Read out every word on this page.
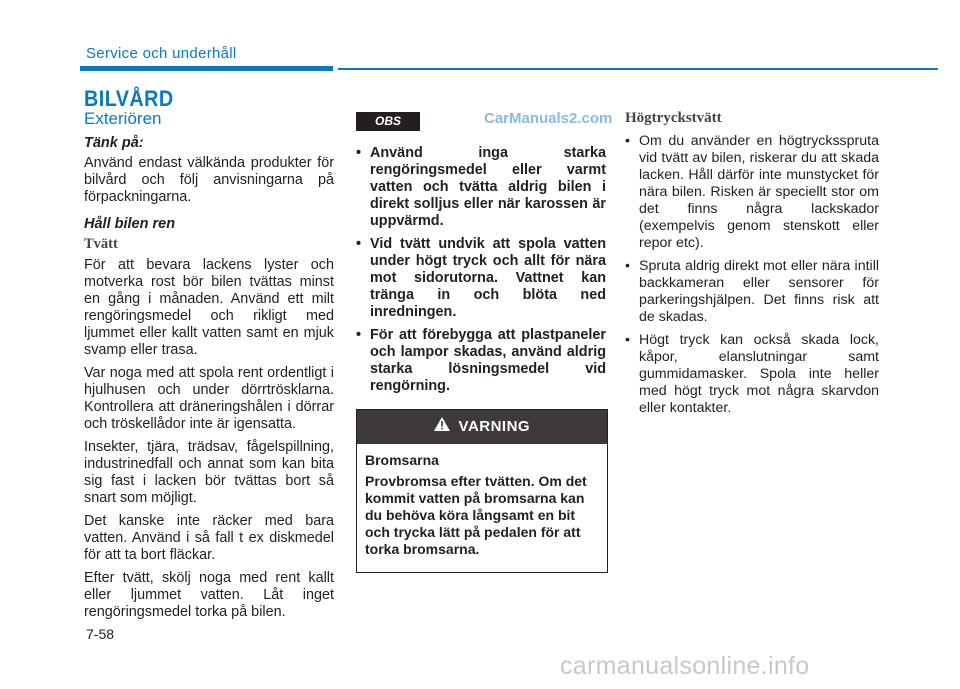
Service och underhåll
BILVÅRD
Exteriören
Tänk på:

Använd endast välkända produkter för bilvård och följ anvisningarna på förpackningarna.

Håll bilen ren
Tvätt

För att bevara lackens lyster och motverka rost bör bilen tvättas minst en gång i månaden. Använd ett milt rengöringsmedel och rikligt med ljummet eller kallt vatten samt en mjuk svamp eller trasa.

Var noga med att spola rent ordentligt i hjulhusen och under dörrtrösklarna. Kontrollera att dräneringshålen i dörrar och tröskellådor inte är igensatta.

Insekter, tjära, trädsav, fågelspillning, industrinedfall och annat som kan bita sig fast i lacken bör tvättas bort så snart som möjligt.

Det kanske inte räcker med bara vatten. Använd i så fall t ex diskmedel för att ta bort fläckar.

Efter tvätt, skölj noga med rent kallt eller ljummet vatten. Låt inget rengöringsmedel torka på bilen.

CarManuals2.com
OBS
• Använd inga starka rengöringsmedel eller varmt vatten och tvätta aldrig bilen i direkt solljus eller när karossen är uppvärmd.
• Vid tvätt undvik att spola vatten under högt tryck och allt för nära mot sidorutorna. Vattnet kan tränga in och blöta ned inredningen.
• För att förebygga att plastpaneler och lampor skadas, använd aldrig starka lösningsmedel vid rengörning.
VARNING

Bromsarna

Provbromsa efter tvätten. Om det kommit vatten på bromsarna kan du behöva köra långsamt en bit och trycka lätt på pedalen för att torka bromsarna.

Högtryckstvätt
• Om du använder en högtrycksspruta vid tvätt av bilen, riskerar du att skada lacken. Håll därför inte munstycket för nära bilen. Risken är speciellt stor om det finns några lackskador (exempelvis genom stenskott eller repor etc).
• Spruta aldrig direkt mot eller nära intill backkameran eller sensorer för parkeringshjälpen. Det finns risk att de skadas.
• Högt tryck kan också skada lock, kåpor, elanslutningar samt gummidamasker. Spola inte heller med högt tryck mot några skarvdon eller kontakter.
7-58
carmanualsonline.info
